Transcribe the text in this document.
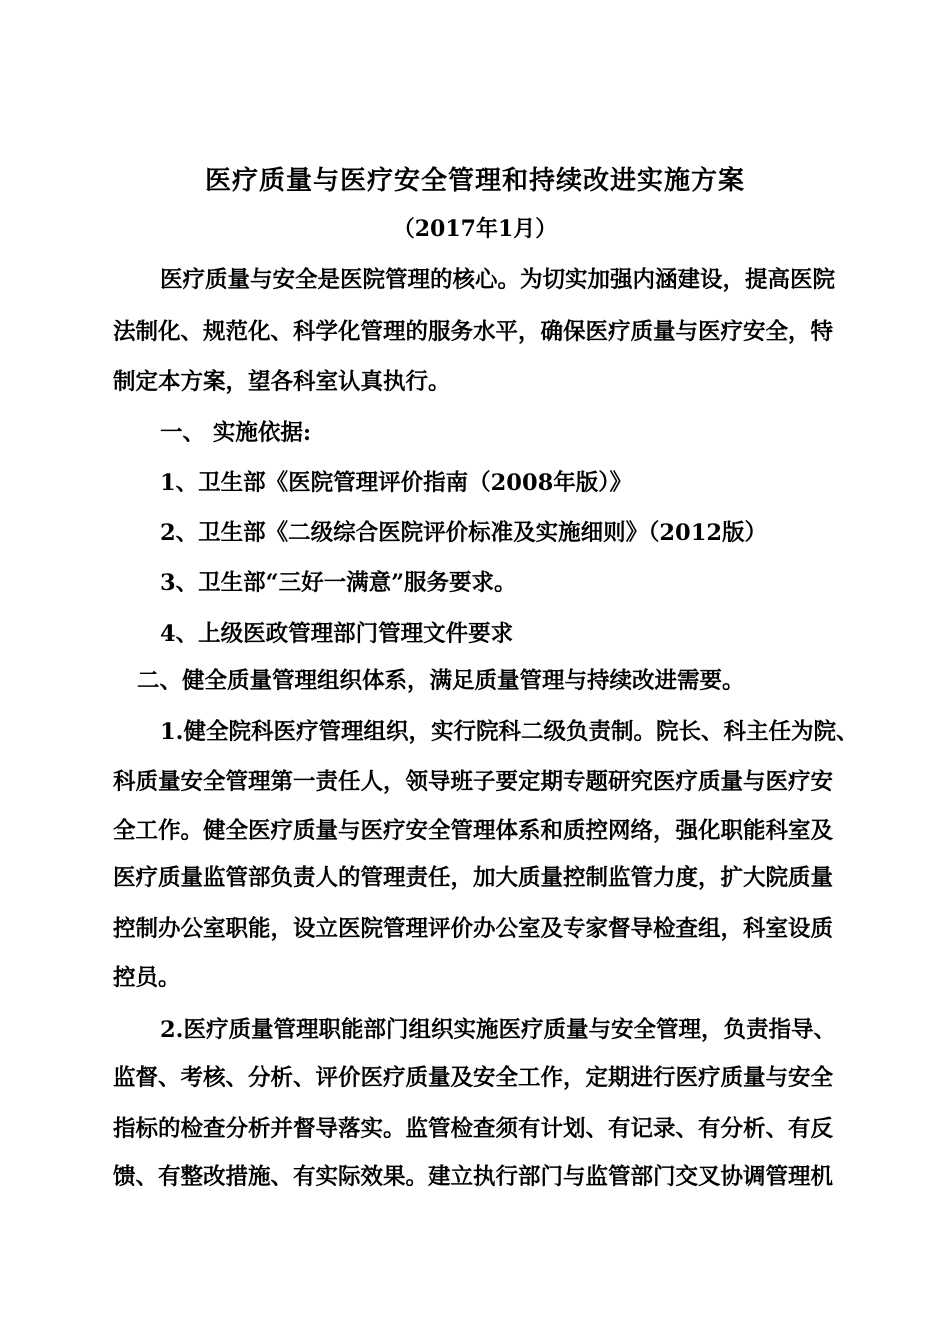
医疗质量与医疗安全管理和持续改进实施方案

（2017年1月）

医疗质量与安全是医院管理的核心。为切实加强内涵建设，提高医院

法制化、规范化、科学化管理的服务水平，确保医疗质量与医疗安全，特

制定本方案，望各科室认真执行。

一、 实施依据:

1、卫生部《医院管理评价指南（2008年版）》

2、卫生部《二级综合医院评价标准及实施细则》（2012版）

3、卫生部“三好一满意”服务要求。

4、上级医政管理部门管理文件要求

二、健全质量管理组织体系，满足质量管理与持续改进需要。

1.健全院科医疗管理组织，实行院科二级负责制。院长、科主任为院、

科质量安全管理第一责任人，领导班子要定期专题研究医疗质量与医疗安

全工作。健全医疗质量与医疗安全管理体系和质控网络，强化职能科室及

医疗质量监管部负责人的管理责任，加大质量控制监管力度，扩大院质量

控制办公室职能，设立医院管理评价办公室及专家督导检查组，科室设质

控员。

2.医疗质量管理职能部门组织实施医疗质量与安全管理，负责指导、

监督、考核、分析、评价医疗质量及安全工作，定期进行医疗质量与安全

指标的检查分析并督导落实。监管检查须有计划、有记录、有分析、有反

馈、有整改措施、有实际效果。建立执行部门与监管部门交叉协调管理机
